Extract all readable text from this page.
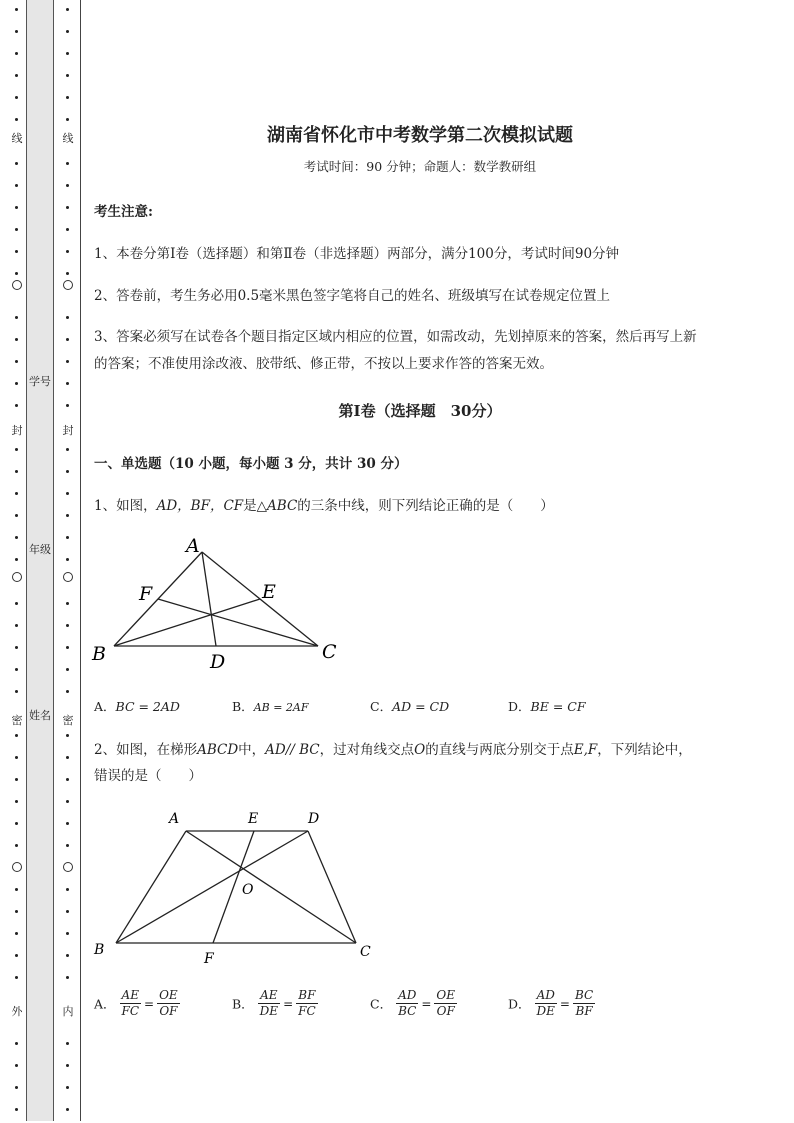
线
封
密
外
学号
年级
姓名
线
封
密
内
湖南省怀化市中考数学第二次模拟试题
考试时间：90 分钟；命题人：数学教研组
考生注意:
1、本卷分第Ⅰ卷（选择题）和第Ⅱ卷（非选择题）两部分，满分100分，考试时间90分钟
2、答卷前，考生务必用0.5毫米黑色签字笔将自己的姓名、班级填写在试卷规定位置上
3、答案必须写在试卷各个题目指定区域内相应的位置，如需改动，先划掉原来的答案，然后再写上新
的答案；不准使用涂改液、胶带纸、修正带，不按以上要求作答的答案无效。
第Ⅰ卷（选择题　30分）
一、单选题（10 小题，每小题 3 分，共计 30 分）
1、如图，AD，BF，CF是△ABC的三条中线，则下列结论正确的是（　　）
A
B	C
D
E
F
A．BC = 2AD	B．AB = 2AF	C．AD = CD	D．BE = CF
2、如图，在梯形ABCD中，AD// BC，过对角线交点O的直线与两底分别交于点E,F，下列结论中，
错误的是（　　）
A	E	D
B	C
F
O
A． $\frac{AE}{FC} = \frac{OE}{OF}$	B． $\frac{AE}{DE} = \frac{BF}{FC}$	C． $\frac{AD}{BC} = \frac{OE}{OF}$	D． $\frac{AD}{DE} = \frac{BC}{BF}$
